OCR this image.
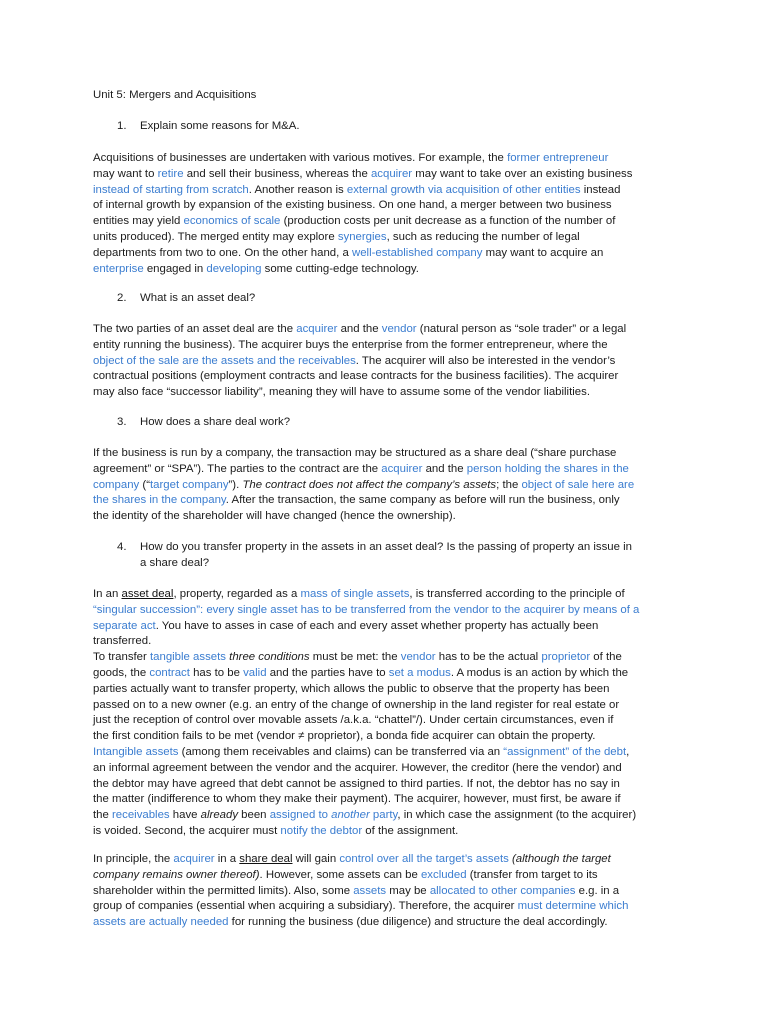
Unit 5: Mergers and Acquisitions
1.	Explain some reasons for M&A.
Acquisitions of businesses are undertaken with various motives. For example, the former entrepreneur
may want to retire and sell their business, whereas the acquirer may want to take over an existing business
instead of starting from scratch. Another reason is external growth via acquisition of other entities instead
of internal growth by expansion of the existing business. On one hand, a merger between two business
entities may yield economics of scale (production costs per unit decrease as a function of the number of
units produced). The merged entity may explore synergies, such as reducing the number of legal
departments from two to one. On the other hand, a well-established company may want to acquire an
enterprise engaged in developing some cutting-edge technology.
2.	What is an asset deal?
The two parties of an asset deal are the acquirer and the vendor (natural person as “sole trader” or a legal
entity running the business). The acquirer buys the enterprise from the former entrepreneur, where the
object of the sale are the assets and the receivables. The acquirer will also be interested in the vendor’s
contractual positions (employment contracts and lease contracts for the business facilities). The acquirer
may also face “successor liability”, meaning they will have to assume some of the vendor liabilities.
3.	How does a share deal work?
If the business is run by a company, the transaction may be structured as a share deal (“share purchase
agreement” or “SPA”). The parties to the contract are the acquirer and the person holding the shares in the
company (“target company”). The contract does not affect the company’s assets; the object of sale here are
the shares in the company. After the transaction, the same company as before will run the business, only
the identity of the shareholder will have changed (hence the ownership).
4.	How do you transfer property in the assets in an asset deal? Is the passing of property an issue in
a share deal?
In an asset deal, property, regarded as a mass of single assets, is transferred according to the principle of
“singular succession”: every single asset has to be transferred from the vendor to the acquirer by means of a
separate act. You have to asses in case of each and every asset whether property has actually been
transferred.
To transfer tangible assets three conditions must be met: the vendor has to be the actual proprietor of the
goods, the contract has to be valid and the parties have to set a modus. A modus is an action by which the
parties actually want to transfer property, which allows the public to observe that the property has been
passed on to a new owner (e.g. an entry of the change of ownership in the land register for real estate or
just the reception of control over movable assets /a.k.a. “chattel”/). Under certain circumstances, even if
the first condition fails to be met (vendor ≠ proprietor), a bonda fide acquirer can obtain the property.
Intangible assets (among them receivables and claims) can be transferred via an “assignment” of the debt,
an informal agreement between the vendor and the acquirer. However, the creditor (here the vendor) and
the debtor may have agreed that debt cannot be assigned to third parties. If not, the debtor has no say in
the matter (indifference to whom they make their payment). The acquirer, however, must first, be aware if
the receivables have already been assigned to another party, in which case the assignment (to the acquirer)
is voided. Second, the acquirer must notify the debtor of the assignment.
In principle, the acquirer in a share deal will gain control over all the target’s assets (although the target
company remains owner thereof). However, some assets can be excluded (transfer from target to its
shareholder within the permitted limits). Also, some assets may be allocated to other companies e.g. in a
group of companies (essential when acquiring a subsidiary). Therefore, the acquirer must determine which
assets are actually needed for running the business (due diligence) and structure the deal accordingly.
